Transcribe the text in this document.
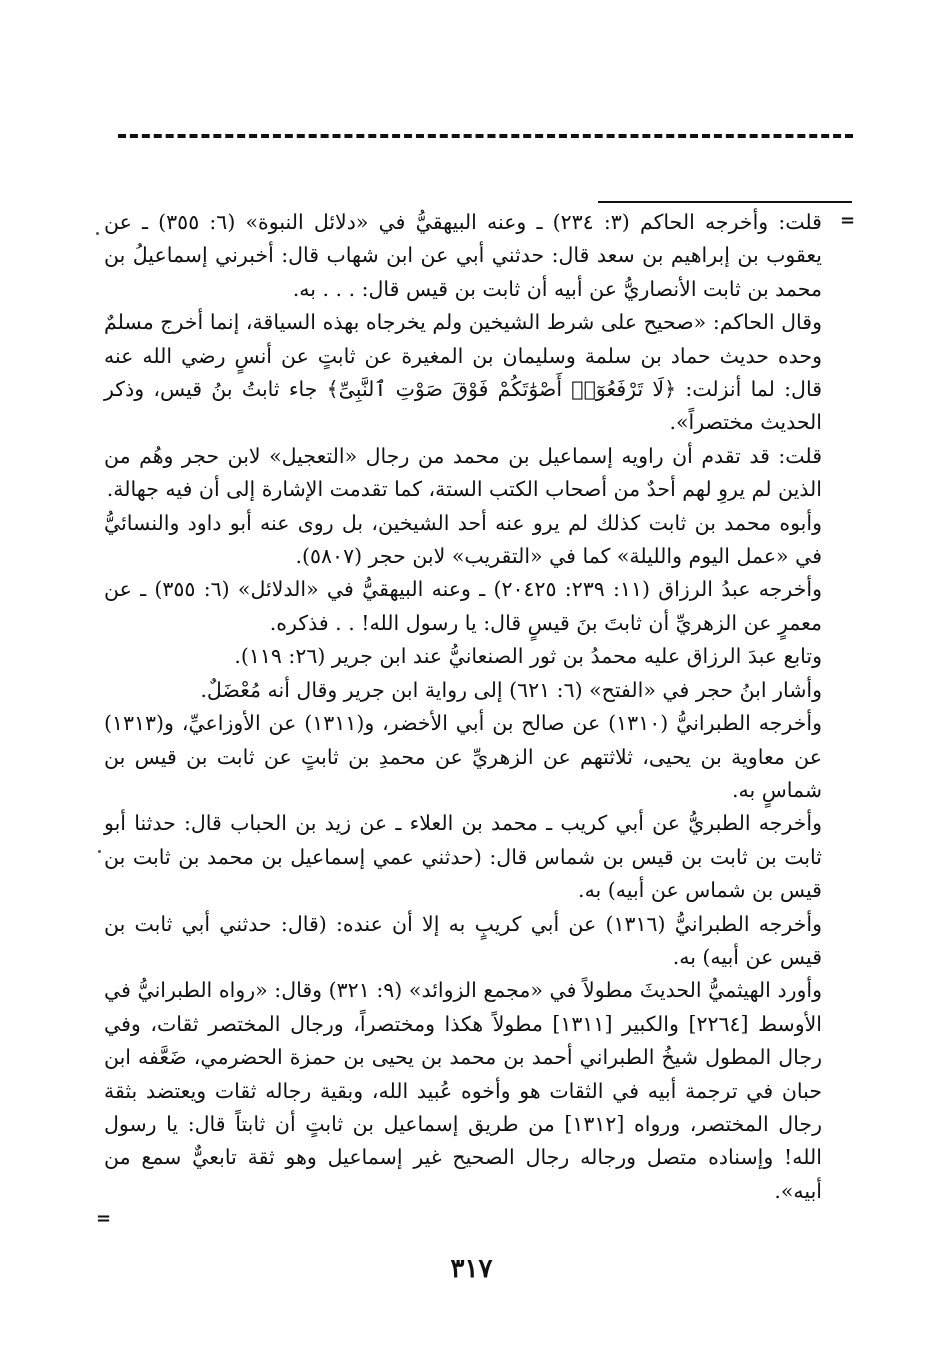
=

قلت: وأخرجه الحاكم (٣: ٢٣٤) ـ وعنه البيهقيُّ في «دلائل النبوة» (٦: ٣٥٥) ـ عن يعقوب بن إبراهيم بن سعد قال: حدثني أبي عن ابن شهاب قال: أخبرني إسماعيلُ بن محمد بن ثابت الأنصاريُّ عن أبيه أن ثابت بن قيس قال: . . . به.

وقال الحاكم: «صحيح على شرط الشيخين ولم يخرجاه بهذه السياقة، إنما أخرج مسلمٌ وحده حديث حماد بن سلمة وسليمان بن المغيرة عن ثابتٍ عن أنسٍ رضي الله عنه قال: لما أنزلت: ﴿لَا تَرْفَعُوٓا۟ أَصْوَٰتَكُمْ فَوْقَ صَوْتِ ٱلنَّبِىِّ﴾ جاء ثابتُ بنُ قيس، وذكر الحديث مختصراً».

قلت: قد تقدم أن راويه إسماعيل بن محمد من رجال «التعجيل» لابن حجر وهُم من الذين لم يروِ لهم أحدٌ من أصحاب الكتب الستة، كما تقدمت الإشارة إلى أن فيه جهالة.

وأبوه محمد بن ثابت كذلك لم يرو عنه أحد الشيخين، بل روى عنه أبو داود والنسائيُّ في «عمل اليوم والليلة» كما في «التقريب» لابن حجر (٥٨٠٧).

وأخرجه عبدُ الرزاق (١١: ٢٣٩: ٢٠٤٢٥) ـ وعنه البيهقيُّ في «الدلائل» (٦: ٣٥٥) ـ عن معمرٍ عن الزهريِّ أن ثابتَ بنَ قيسٍ قال: يا رسول الله! . . فذكره.

وتابع عبدَ الرزاق عليه محمدُ بن ثور الصنعانيُّ عند ابن جرير (٢٦: ١١٩).

وأشار ابنُ حجر في «الفتح» (٦: ٦٢١) إلى رواية ابن جرير وقال أنه مُعْضَلٌ.

وأخرجه الطبرانيُّ (١٣١٠) عن صالح بن أبي الأخضر، و(١٣١١) عن الأوزاعيِّ، و(١٣١٣) عن معاوية بن يحيى، ثلاثتهم عن الزهريِّ عن محمدِ بن ثابتٍ عن ثابت بن قيس بن شماسٍ به.

وأخرجه الطبريُّ عن أبي كريب ـ محمد بن العلاء ـ عن زيد بن الحباب قال: حدثنا أبو ثابت بن ثابت بن قيس بن شماس قال: (حدثني عمي إسماعيل بن محمد بن ثابت بن قيس بن شماس عن أبيه) به.

وأخرجه الطبرانيُّ (١٣١٦) عن أبي كريبٍ به إلا أن عنده: (قال: حدثني أبي ثابت بن قيس عن أبيه) به.

وأورد الهيثميُّ الحديثَ مطولاً في «مجمع الزوائد» (٩: ٣٢١) وقال: «رواه الطبرانيُّ في الأوسط [٢٢٦٤] والكبير [١٣١١] مطولاً هكذا ومختصراً، ورجال المختصر ثقات، وفي رجال المطول شيخُ الطبراني أحمد بن محمد بن يحيى بن حمزة الحضرمي، ضَعَّفه ابن حبان في ترجمة أبيه في الثقات هو وأخوه عُبيد الله، وبقية رجاله ثقات ويعتضد بثقة رجال المختصر، ورواه [١٣١٢] من طريق إسماعيل بن ثابتٍ أن ثابتاً قال: يا رسول الله! وإسناده متصل ورجاله رجال الصحيح غير إسماعيل وهو ثقة تابعيٌّ سمع من أبيه».

=
٣١٧
